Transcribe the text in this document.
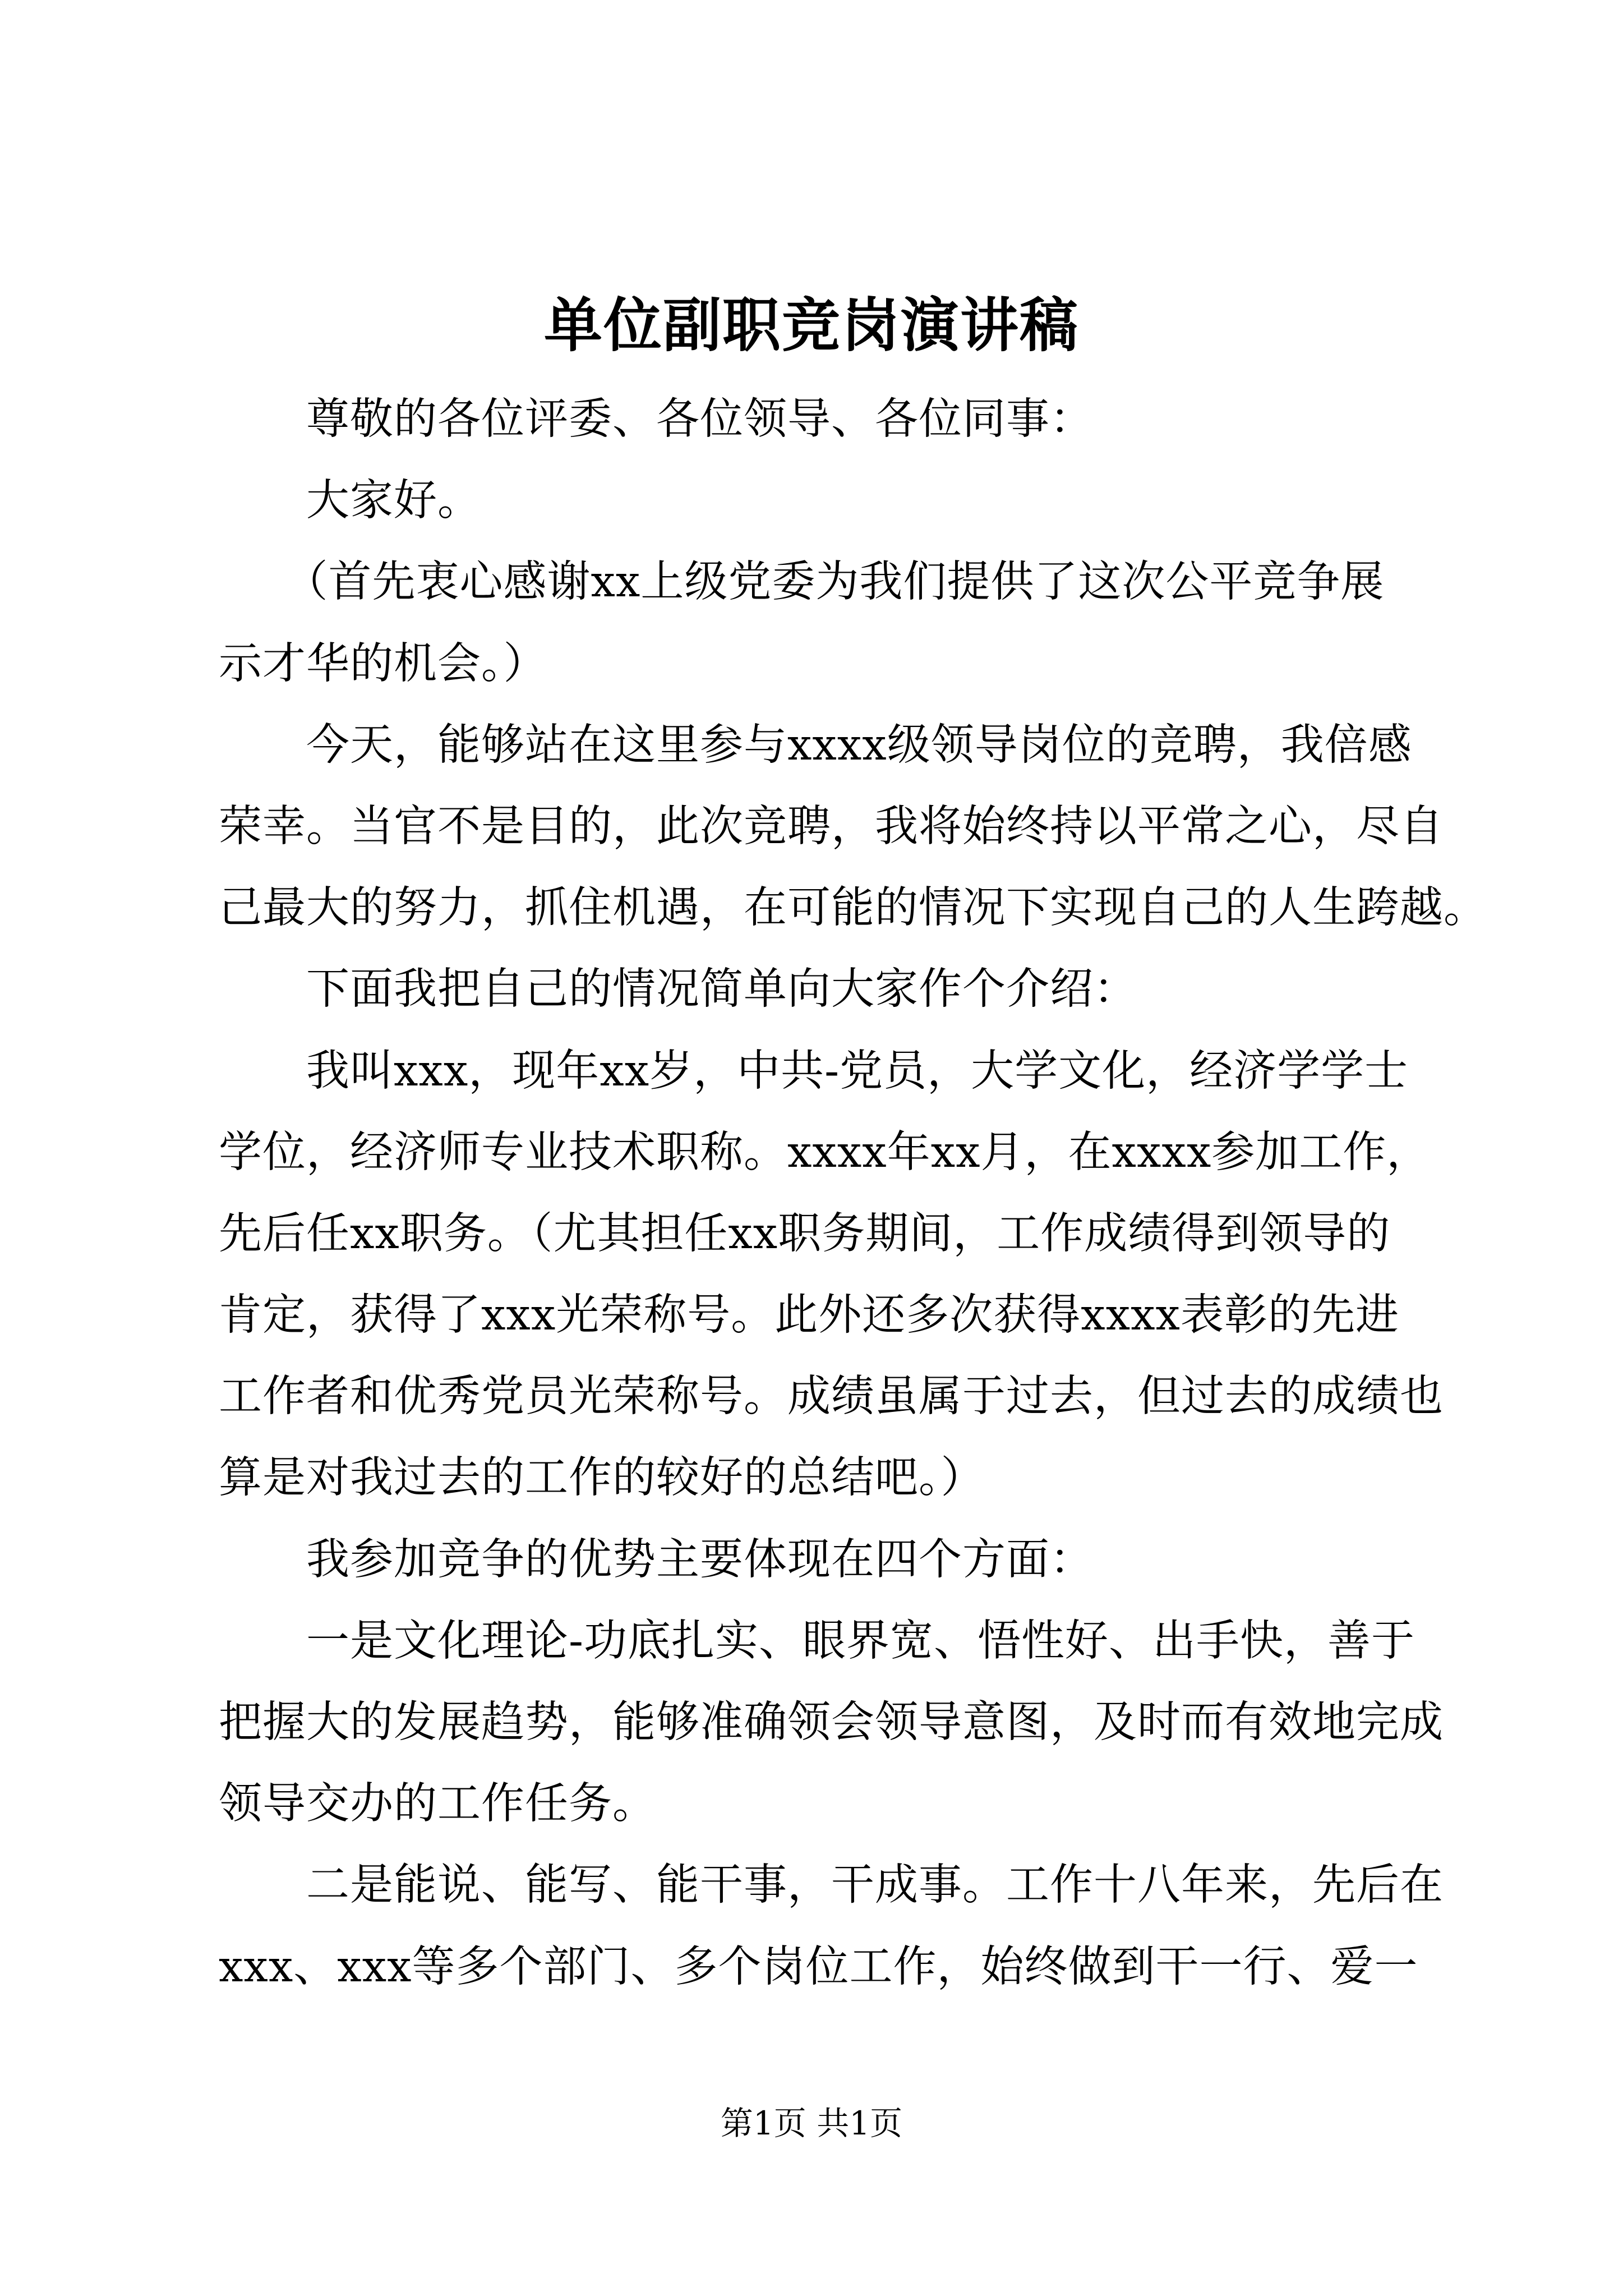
单位副职竞岗演讲稿
　　尊敬的各位评委、各位领导、各位同事：
　　大家好。
　　（首先衷心感谢xx上级党委为我们提供了这次公平竞争展
示才华的机会。）
　　今天，能够站在这里参与xxxx级领导岗位的竞聘，我倍感
荣幸。当官不是目的，此次竞聘，我将始终持以平常之心，尽自
己最大的努力，抓住机遇，在可能的情况下实现自己的人生跨越。
　　下面我把自己的情况简单向大家作个介绍：
　　我叫xxx，现年xx岁，中共-党员，大学文化，经济学学士
学位，经济师专业技术职称。xxxx年xx月，在xxxx参加工作，
先后任xx职务。（尤其担任xx职务期间，工作成绩得到领导的
肯定，获得了xxx光荣称号。此外还多次获得xxxx表彰的先进
工作者和优秀党员光荣称号。成绩虽属于过去，但过去的成绩也
算是对我过去的工作的较好的总结吧。）
　　我参加竞争的优势主要体现在四个方面：
　　一是文化理论-功底扎实、眼界宽、悟性好、出手快，善于
把握大的发展趋势，能够准确领会领导意图，及时而有效地完成
领导交办的工作任务。
　　二是能说、能写、能干事，干成事。工作十八年来，先后在
xxx、xxx等多个部门、多个岗位工作，始终做到干一行、爱一
第1页 共1页
